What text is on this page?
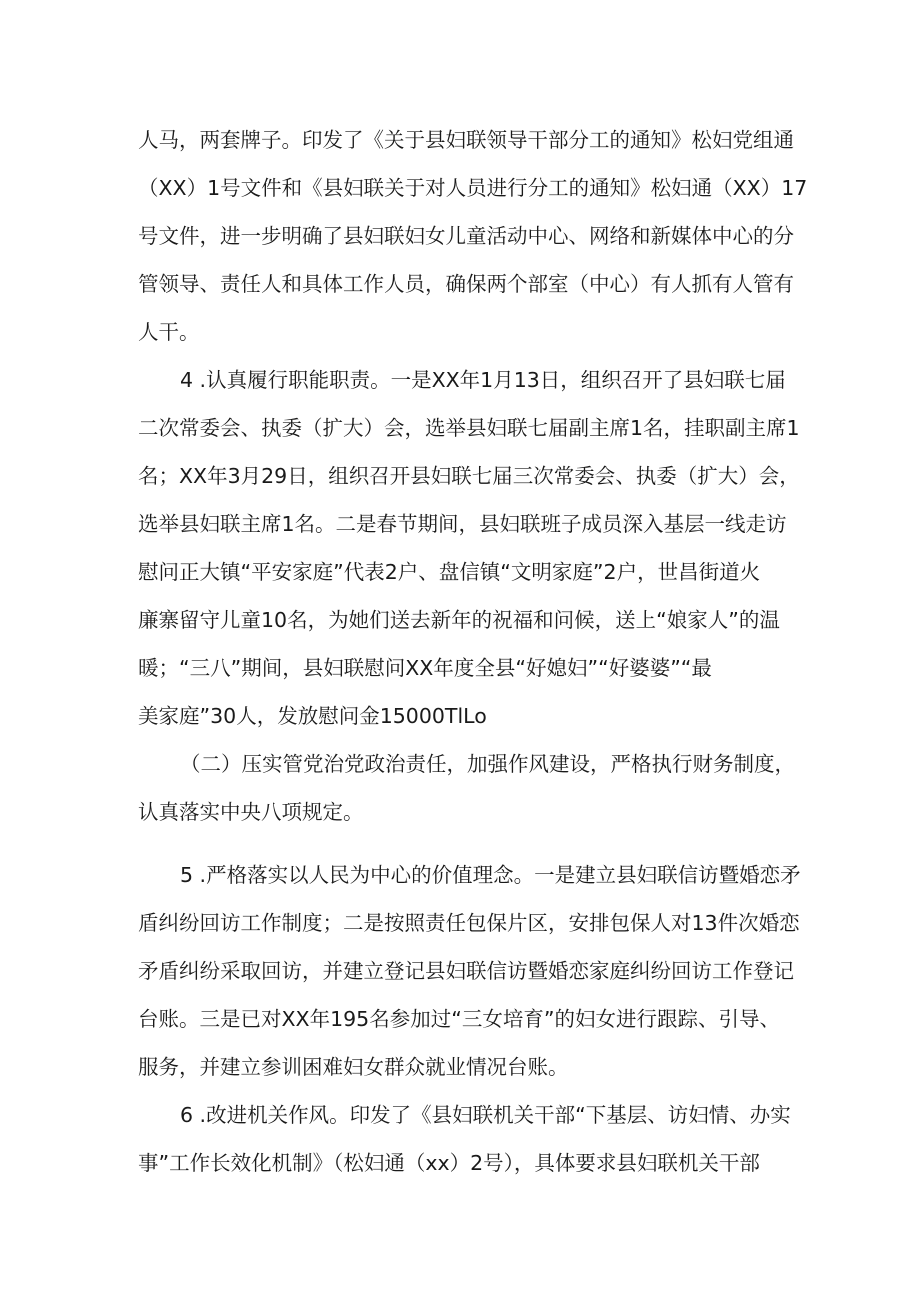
人马，两套牌子。印发了《关于县妇联领导干部分工的通知》松妇党组通
（XX）1号文件和《县妇联关于对人员进行分工的通知》松妇通（XX）17
号文件，进一步明确了县妇联妇女儿童活动中心、网络和新媒体中心的分
管领导、责任人和具体工作人员，确保两个部室（中心）有人抓有人管有
人干。
4 .认真履行职能职责。一是XX年1月13日，组织召开了县妇联七届
二次常委会、执委（扩大）会，选举县妇联七届副主席1名，挂职副主席1
名；XX年3月29日，组织召开县妇联七届三次常委会、执委（扩大）会，
选举县妇联主席1名。二是春节期间，县妇联班子成员深入基层一线走访
慰问正大镇“平安家庭”代表2户、盘信镇“文明家庭”2户，世昌街道火
廉寨留守儿童10名，为她们送去新年的祝福和问候，送上“娘家人”的温
暖；“三八”期间，县妇联慰问XX年度全县“好媳妇”“好婆婆”“最
美家庭”30人，发放慰问金15000TlLo
（二）压实管党治党政治责任，加强作风建设，严格执行财务制度，
认真落实中央八项规定。
5 .严格落实以人民为中心的价值理念。一是建立县妇联信访暨婚恋矛
盾纠纷回访工作制度；二是按照责任包保片区，安排包保人对13件次婚恋
矛盾纠纷采取回访，并建立登记县妇联信访暨婚恋家庭纠纷回访工作登记
台账。三是已对XX年195名参加过“三女培育”的妇女进行跟踪、引导、
服务，并建立参训困难妇女群众就业情况台账。
6 .改进机关作风。印发了《县妇联机关干部“下基层、访妇情、办实
事”工作长效化机制》（松妇通（xx）2号），具体要求县妇联机关干部
